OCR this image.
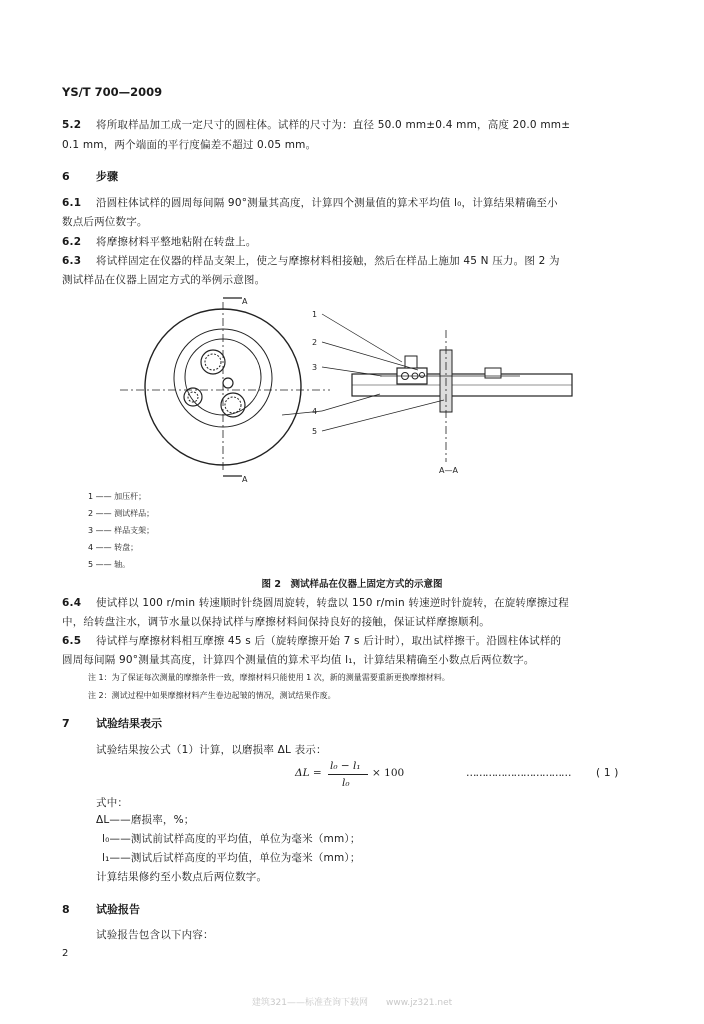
YS/T 700—2009
5.2 将所取样品加工成一定尺寸的圆柱体。试样的尺寸为：直径 50.0 mm±0.4 mm，高度 20.0 mm±
0.1 mm，两个端面的平行度偏差不超过 0.05 mm。
6 步骤
6.1 沿圆柱体试样的圆周每间隔 90°测量其高度，计算四个测量值的算术平均值 l₀，计算结果精确至小
数点后两位数字。
6.2 将摩擦材料平整地粘附在转盘上。
6.3 将试样固定在仪器的样品支架上，使之与摩擦材料相接触，然后在样品上施加 45 N 压力。图 2 为
测试样品在仪器上固定方式的举例示意图。
A
A
A—A
1
2
3
4
5
1 —— 加压杆；
2 —— 测试样品；
3 —— 样品支架；
4 —— 转盘；
5 —— 轴。
图 2　测试样品在仪器上固定方式的示意图
6.4 使试样以 100 r/min 转速顺时针绕圆周旋转，转盘以 150 r/min 转速逆时针旋转，在旋转摩擦过程
中，给转盘注水，调节水量以保持试样与摩擦材料间保持良好的接触，保证试样摩擦顺利。
6.5 待试样与摩擦材料相互摩擦 45 s 后（旋转摩擦开始 7 s 后计时），取出试样擦干。沿圆柱体试样的
圆周每间隔 90°测量其高度，计算四个测量值的算术平均值 l₁，计算结果精确至小数点后两位数字。
注 1：为了保证每次测量的摩擦条件一致，摩擦材料只能使用 1 次，新的测量需要重新更换摩擦材料。
注 2：测试过程中如果摩擦材料产生卷边起皱的情况，测试结果作废。
7 试验结果表示
试验结果按公式（1）计算，以磨损率 ΔL 表示：
ΔL =
l₀ − l₁
l₀
× 100	…………………………… ( 1 )
式中：
ΔL——磨损率，%；
l₀——测试前试样高度的平均值，单位为毫米（mm）；
l₁——测试后试样高度的平均值，单位为毫米（mm）；
计算结果修约至小数点后两位数字。
8 试验报告
试验报告包含以下内容：
2
建筑321——标准查询下载网　　www.jz321.net
